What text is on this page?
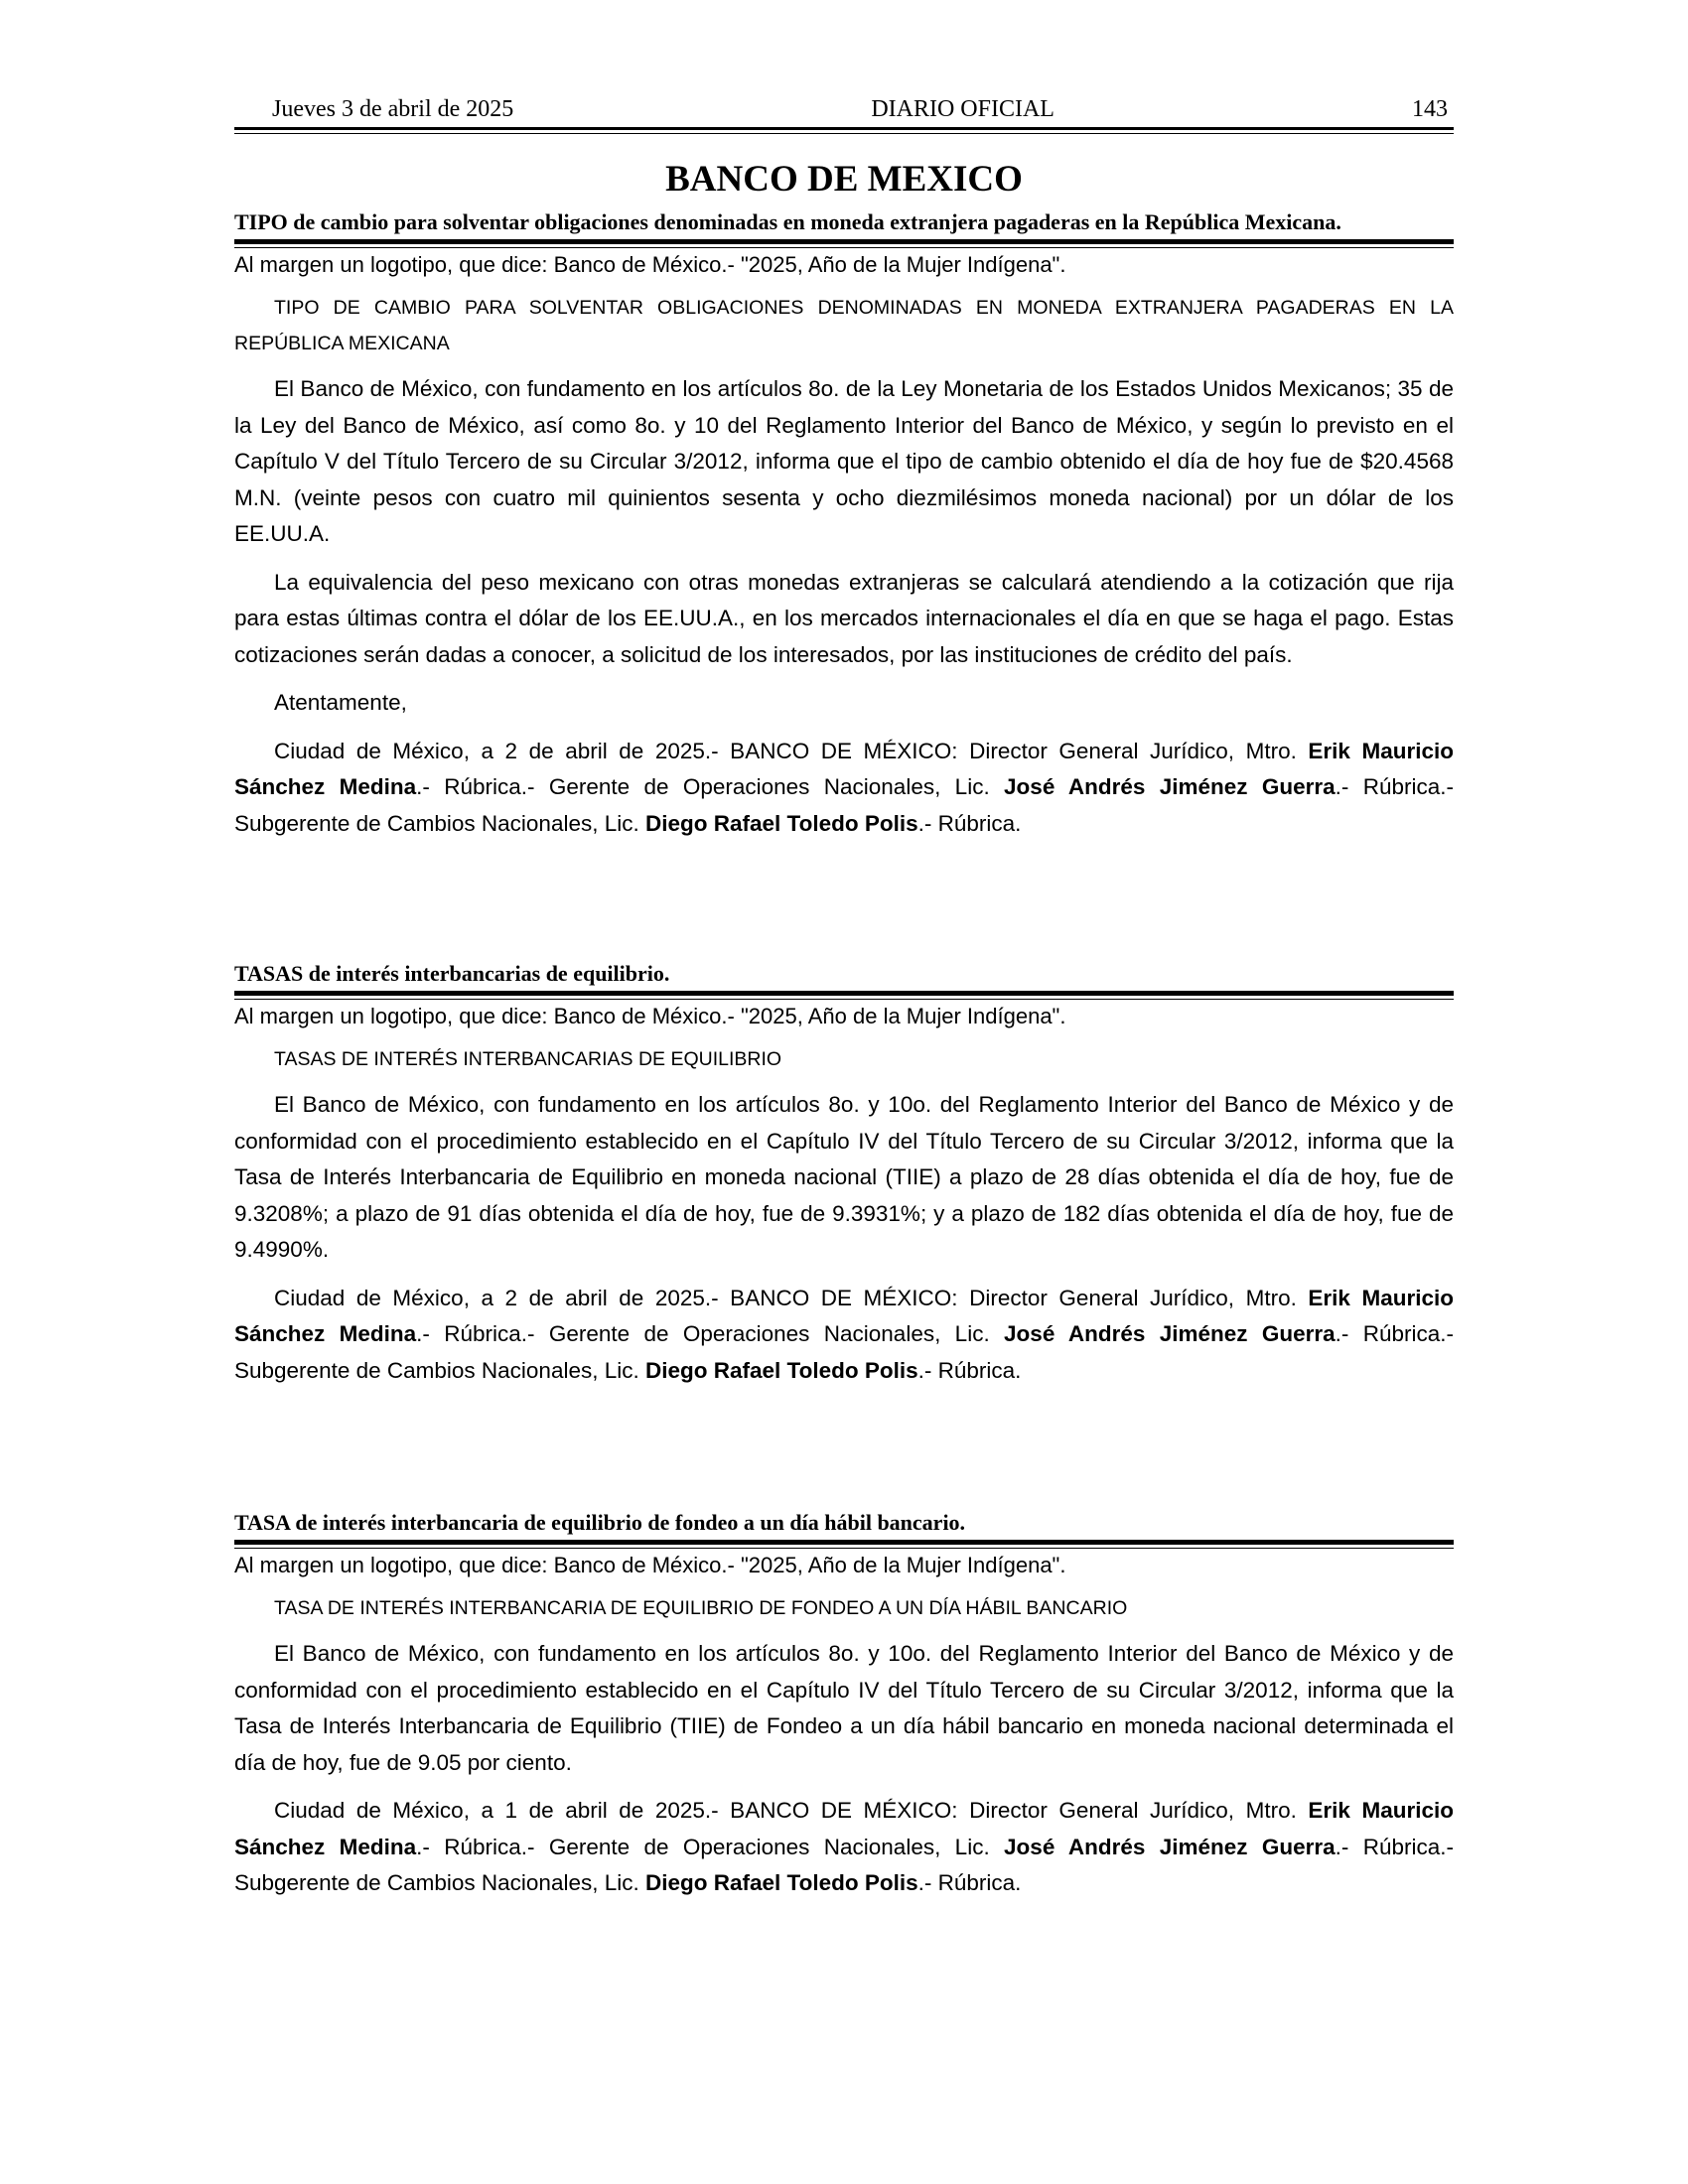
Jueves 3 de abril de 2025	DIARIO OFICIAL	143
BANCO DE MEXICO
TIPO de cambio para solventar obligaciones denominadas en moneda extranjera pagaderas en la República Mexicana.
Al margen un logotipo, que dice: Banco de México.- "2025, Año de la Mujer Indígena".
TIPO DE CAMBIO PARA SOLVENTAR OBLIGACIONES DENOMINADAS EN MONEDA EXTRANJERA PAGADERAS EN LA REPÚBLICA MEXICANA

El Banco de México, con fundamento en los artículos 8o. de la Ley Monetaria de los Estados Unidos Mexicanos; 35 de la Ley del Banco de México, así como 8o. y 10 del Reglamento Interior del Banco de México, y según lo previsto en el Capítulo V del Título Tercero de su Circular 3/2012, informa que el tipo de cambio obtenido el día de hoy fue de $20.4568 M.N. (veinte pesos con cuatro mil quinientos sesenta y ocho diezmilésimos moneda nacional) por un dólar de los EE.UU.A.

La equivalencia del peso mexicano con otras monedas extranjeras se calculará atendiendo a la cotización que rija para estas últimas contra el dólar de los EE.UU.A., en los mercados internacionales el día en que se haga el pago. Estas cotizaciones serán dadas a conocer, a solicitud de los interesados, por las instituciones de crédito del país.

Atentamente,

Ciudad de México, a 2 de abril de 2025.- BANCO DE MÉXICO: Director General Jurídico, Mtro. Erik Mauricio Sánchez Medina.- Rúbrica.- Gerente de Operaciones Nacionales, Lic. José Andrés Jiménez Guerra.- Rúbrica.- Subgerente de Cambios Nacionales, Lic. Diego Rafael Toledo Polis.- Rúbrica.

TASAS de interés interbancarias de equilibrio.
Al margen un logotipo, que dice: Banco de México.- "2025, Año de la Mujer Indígena".
TASAS DE INTERÉS INTERBANCARIAS DE EQUILIBRIO

El Banco de México, con fundamento en los artículos 8o. y 10o. del Reglamento Interior del Banco de México y de conformidad con el procedimiento establecido en el Capítulo IV del Título Tercero de su Circular 3/2012, informa que la Tasa de Interés Interbancaria de Equilibrio en moneda nacional (TIIE) a plazo de 28 días obtenida el día de hoy, fue de 9.3208%; a plazo de 91 días obtenida el día de hoy, fue de 9.3931%; y a plazo de 182 días obtenida el día de hoy, fue de 9.4990%.

Ciudad de México, a 2 de abril de 2025.- BANCO DE MÉXICO: Director General Jurídico, Mtro. Erik Mauricio Sánchez Medina.- Rúbrica.- Gerente de Operaciones Nacionales, Lic. José Andrés Jiménez Guerra.- Rúbrica.- Subgerente de Cambios Nacionales, Lic. Diego Rafael Toledo Polis.- Rúbrica.

TASA de interés interbancaria de equilibrio de fondeo a un día hábil bancario.
Al margen un logotipo, que dice: Banco de México.- "2025, Año de la Mujer Indígena".
TASA DE INTERÉS INTERBANCARIA DE EQUILIBRIO DE FONDEO A UN DÍA HÁBIL BANCARIO

El Banco de México, con fundamento en los artículos 8o. y 10o. del Reglamento Interior del Banco de México y de conformidad con el procedimiento establecido en el Capítulo IV del Título Tercero de su Circular 3/2012, informa que la Tasa de Interés Interbancaria de Equilibrio (TIIE) de Fondeo a un día hábil bancario en moneda nacional determinada el día de hoy, fue de 9.05 por ciento.

Ciudad de México, a 1 de abril de 2025.- BANCO DE MÉXICO: Director General Jurídico, Mtro. Erik Mauricio Sánchez Medina.- Rúbrica.- Gerente de Operaciones Nacionales, Lic. José Andrés Jiménez Guerra.- Rúbrica.- Subgerente de Cambios Nacionales, Lic. Diego Rafael Toledo Polis.- Rúbrica.
